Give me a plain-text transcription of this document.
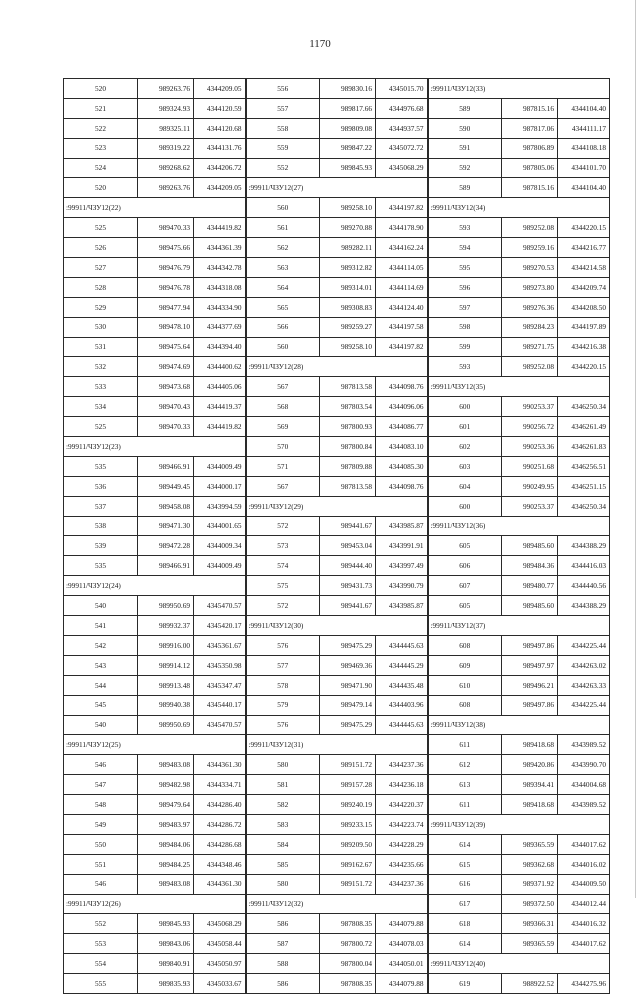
1170
520	989263.76	4344209.05	556	989830.16	4345015.70	:99911/ЧЗУ12(33)		
521	989324.93	4344120.59	557	989817.66	4344976.68	589	987815.16	4344104.40
522	989325.11	4344120.68	558	989809.08	4344937.57	590	987817.06	4344111.17
523	989319.22	4344131.76	559	989847.22	4345072.72	591	987806.89	4344108.18
524	989268.62	4344206.72	552	989845.93	4345068.29	592	987805.06	4344101.70
520	989263.76	4344209.05	:99911/ЧЗУ12(27)			589	987815.16	4344104.40
:99911/ЧЗУ12(22)			560	989258.10	4344197.82	:99911/ЧЗУ12(34)		
525	989470.33	4344419.82	561	989270.88	4344178.90	593	989252.08	4344220.15
526	989475.66	4344361.39	562	989282.11	4344162.24	594	989259.16	4344216.77
527	989476.79	4344342.78	563	989312.82	4344114.05	595	989270.53	4344214.58
528	989476.78	4344318.08	564	989314.01	4344114.69	596	989273.80	4344209.74
529	989477.94	4344334.90	565	989308.83	4344124.40	597	989276.36	4344208.50
530	989478.10	4344377.69	566	989259.27	4344197.58	598	989284.23	4344197.89
531	989475.64	4344394.40	560	989258.10	4344197.82	599	989271.75	4344216.38
532	989474.69	4344400.62	:99911/ЧЗУ12(28)			593	989252.08	4344220.15
533	989473.68	4344405.06	567	987813.58	4344098.76	:99911/ЧЗУ12(35)		
534	989470.43	4344419.37	568	987803.54	4344096.06	600	990253.37	4346250.34
525	989470.33	4344419.82	569	987800.93	4344086.77	601	990256.72	4346261.49
:99911/ЧЗУ12(23)			570	987800.84	4344083.10	602	990253.36	4346261.83
535	989466.91	4344009.49	571	987809.88	4344085.30	603	990251.68	4346256.51
536	989449.45	4344000.17	567	987813.58	4344098.76	604	990249.95	4346251.15
537	989458.08	4343994.59	:99911/ЧЗУ12(29)			600	990253.37	4346250.34
538	989471.30	4344001.65	572	989441.67	4343985.87	:99911/ЧЗУ12(36)		
539	989472.28	4344009.34	573	989453.04	4343991.91	605	989485.60	4344388.29
535	989466.91	4344009.49	574	989444.40	4343997.49	606	989484.36	4344416.03
:99911/ЧЗУ12(24)			575	989431.73	4343990.79	607	989480.77	4344440.56
540	989950.69	4345470.57	572	989441.67	4343985.87	605	989485.60	4344388.29
541	989932.37	4345420.17	:99911/ЧЗУ12(30)			:99911/ЧЗУ12(37)		
542	989916.00	4345361.67	576	989475.29	4344445.63	608	989497.86	4344225.44
543	989914.12	4345350.98	577	989469.36	4344445.29	609	989497.97	4344263.02
544	989913.48	4345347.47	578	989471.90	4344435.48	610	989496.21	4344263.33
545	989940.38	4345440.17	579	989479.14	4344403.96	608	989497.86	4344225.44
540	989950.69	4345470.57	576	989475.29	4344445.63	:99911/ЧЗУ12(38)		
:99911/ЧЗУ12(25)			:99911/ЧЗУ12(31)			611	989418.68	4343989.52
546	989483.08	4344361.30	580	989151.72	4344237.36	612	989420.86	4343990.70
547	989482.98	4344334.71	581	989157.28	4344236.18	613	989394.41	4344004.68
548	989479.64	4344286.40	582	989240.19	4344220.37	611	989418.68	4343989.52
549	989483.97	4344286.72	583	989233.15	4344223.74	:99911/ЧЗУ12(39)		
550	989484.06	4344286.68	584	989209.50	4344228.29	614	989365.59	4344017.62
551	989484.25	4344348.46	585	989162.67	4344235.66	615	989362.68	4344016.02
546	989483.08	4344361.30	580	989151.72	4344237.36	616	989371.92	4344009.50
:99911/ЧЗУ12(26)			:99911/ЧЗУ12(32)			617	989372.50	4344012.44
552	989845.93	4345068.29	586	987808.35	4344079.88	618	989366.31	4344016.32
553	989843.06	4345058.44	587	987800.72	4344078.03	614	989365.59	4344017.62
554	989840.91	4345050.97	588	987800.04	4344050.01	:99911/ЧЗУ12(40)		
555	989835.93	4345033.67	586	987808.35	4344079.88	619	988922.52	4344275.96
